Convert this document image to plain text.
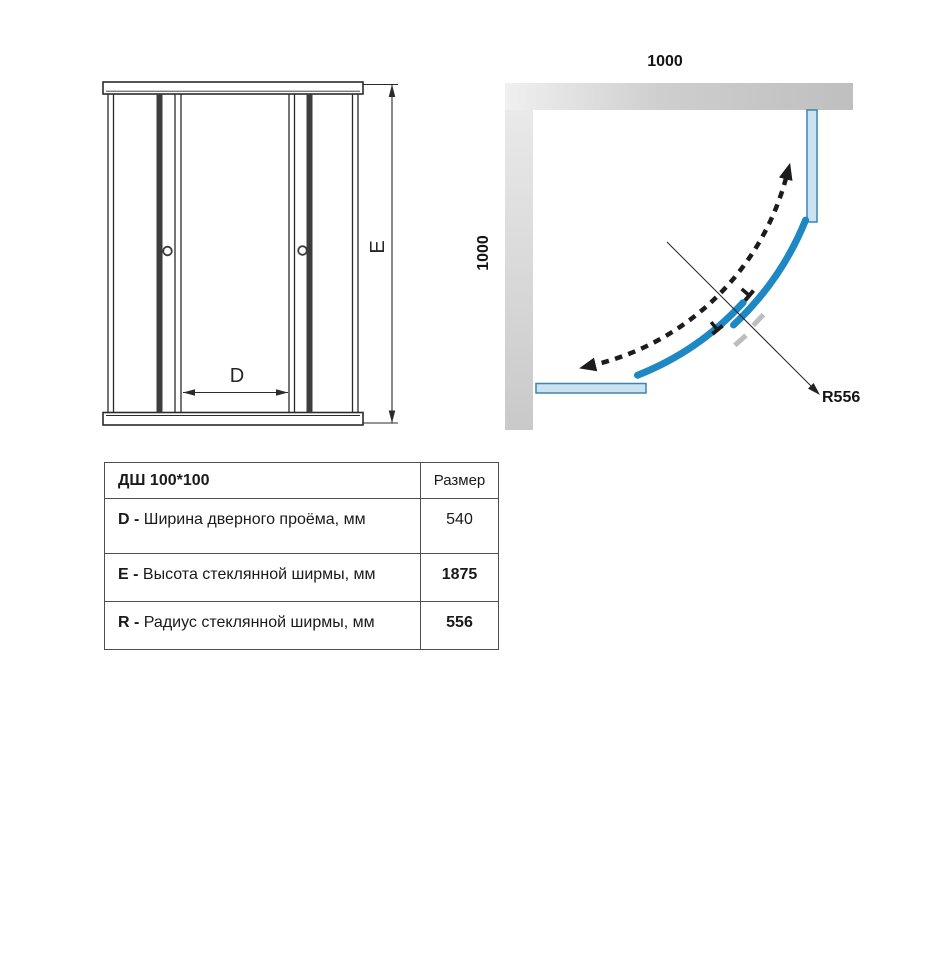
D
E
1000
1000
R556
ДШ 100*100	Размер
D - Ширина дверного проёма, мм	540
E - Высота стеклянной ширмы, мм	1875
R - Радиус стеклянной ширмы, мм	556
